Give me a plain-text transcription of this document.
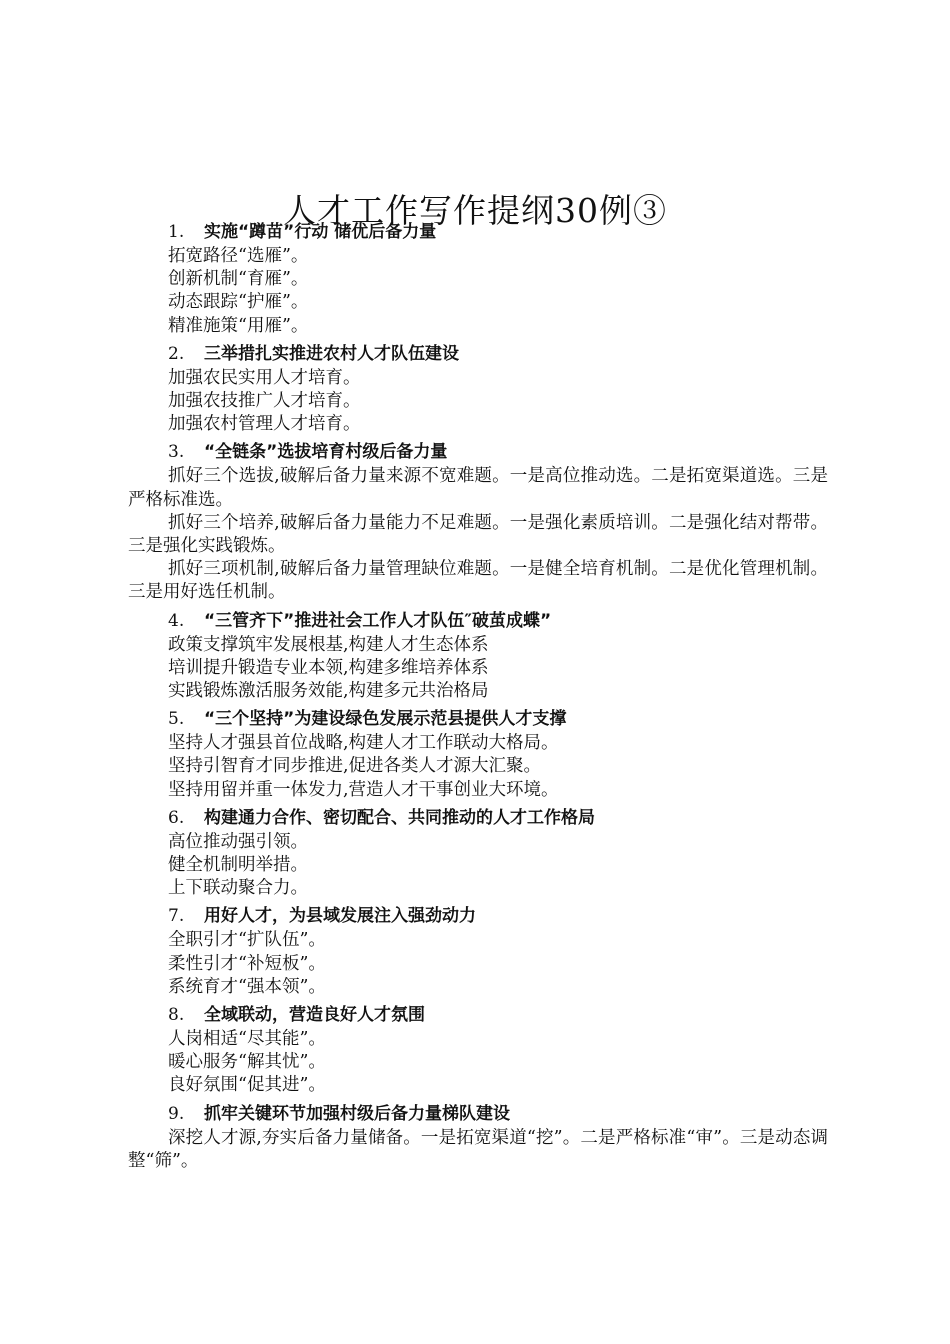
人才工作写作提纲30例③
1. 实施“蹲苗”行动 储优后备力量
拓宽路径“选雁”。
创新机制“育雁”。
动态跟踪“护雁”。
精准施策“用雁”。
2. 三举措扎实推进农村人才队伍建设
加强农民实用人才培育。
加强农技推广人才培育。
加强农村管理人才培育。
3. “全链条”选拔培育村级后备力量
抓好三个选拔,破解后备力量来源不宽难题。一是高位推动选。二是拓宽渠道选。三是严格标准选。
抓好三个培养,破解后备力量能力不足难题。一是强化素质培训。二是强化结对帮带。三是强化实践锻炼。
抓好三项机制,破解后备力量管理缺位难题。一是健全培育机制。二是优化管理机制。三是用好选任机制。
4. “三管齐下”推进社会工作人才队伍″破茧成蝶”
政策支撑筑牢发展根基,构建人才生态体系
培训提升锻造专业本领,构建多维培养体系
实践锻炼激活服务效能,构建多元共治格局
5. “三个坚持”为建设绿色发展示范县提供人才支撑
坚持人才强县首位战略,构建人才工作联动大格局。
坚持引智育才同步推进,促进各类人才源大汇聚。
坚持用留并重一体发力,营造人才干事创业大环境。
6. 构建通力合作、密切配合、共同推动的人才工作格局
高位推动强引领。
健全机制明举措。
上下联动聚合力。
7. 用好人才，为县域发展注入强劲动力
全职引才“扩队伍”。
柔性引才“补短板”。
系统育才“强本领”。
8. 全域联动，营造良好人才氛围
人岗相适“尽其能”。
暖心服务“解其忧”。
良好氛围“促其进”。
9. 抓牢关键环节加强村级后备力量梯队建设
深挖人才源,夯实后备力量储备。一是拓宽渠道“挖”。二是严格标准“审”。三是动态调整“筛”。
